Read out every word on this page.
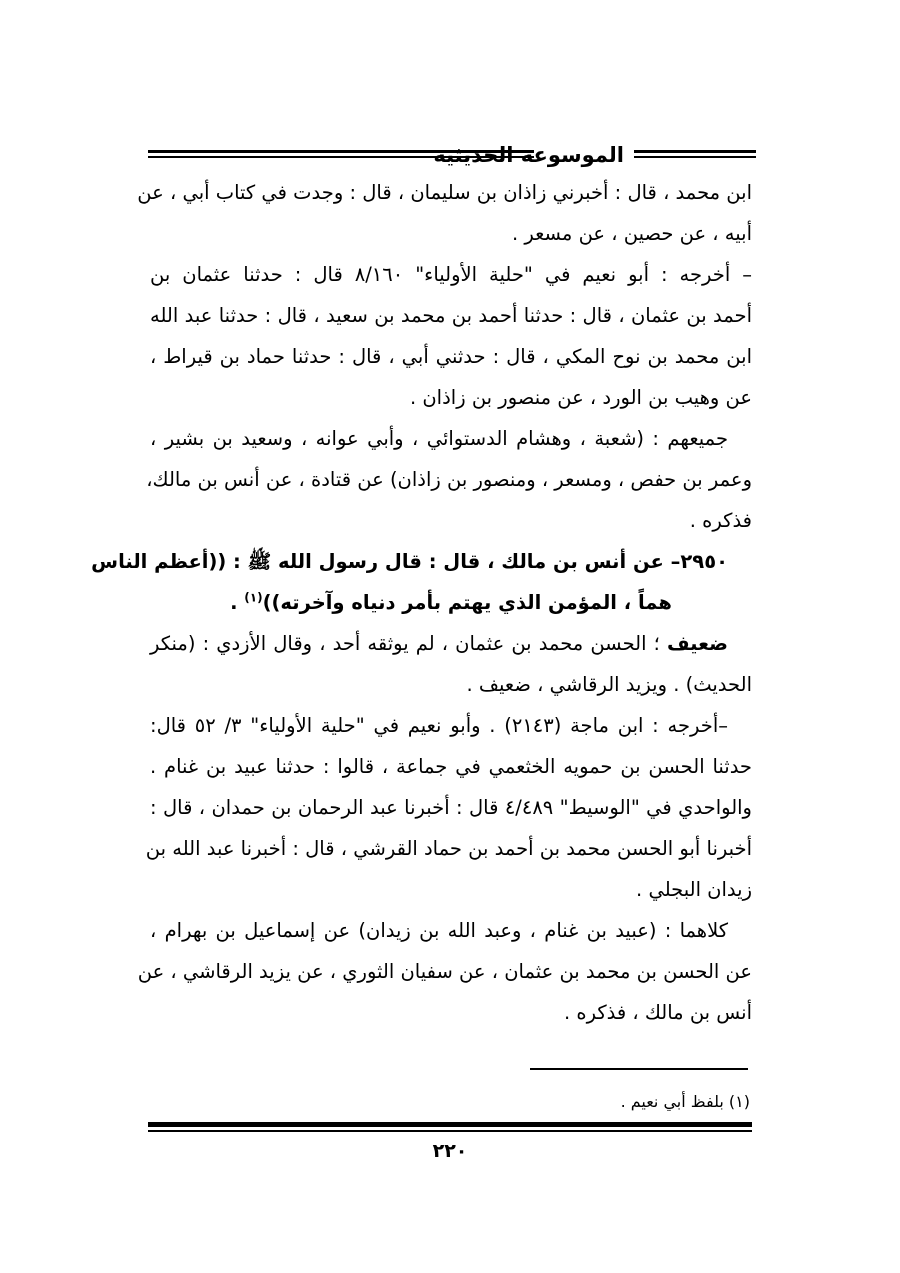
الموسوعة الحديثية
ابن محمد ، قال : أخبرني زاذان بن سليمان ، قال : وجدت في كتاب أبي ، عن
أبيه ، عن حصين ، عن مسعر .
– أخرجه : أبو نعيم في "حلية الأولياء" ٨/١٦٠ قال : حدثنا عثمان بن
أحمد بن عثمان ، قال : حدثنا أحمد بن محمد بن سعيد ، قال : حدثنا عبد الله
ابن محمد بن نوح المكي ، قال : حدثني أبي ، قال : حدثنا حماد بن قيراط ،
عن وهيب بن الورد ، عن منصور بن زاذان .
جميعهم : (شعبة ، وهشام الدستوائي ، وأبي عوانه ، وسعيد بن بشير ،
وعمر بن حفص ، ومسعر ، ومنصور بن زاذان) عن قتادة ، عن أنس بن مالك،
فذكره .
٢٩٥٠– عن أنس بن مالك ، قال : قال رسول الله ﷺ : ((أعظم الناس
هماً ، المؤمن الذي يهتم بأمر دنياه وآخرته))$^{(١)}$ .
ضعيف ؛ الحسن محمد بن عثمان ، لم يوثقه أحد ، وقال الأزدي : (منكر
الحديث) . ويزيد الرقاشي ، ضعيف .
–أخرجه : ابن ماجة (٢١٤٣) . وأبو نعيم في "حلية الأولياء" ٣/ ٥٢ قال:
حدثنا الحسن بن حمويه الخثعمي في جماعة ، قالوا : حدثنا عبيد بن غنام .
والواحدي في "الوسيط" ٤/٤٨٩ قال : أخبرنا عبد الرحمان بن حمدان ، قال :
أخبرنا أبو الحسن محمد بن أحمد بن حماد القرشي ، قال : أخبرنا عبد الله بن
زيدان البجلي .
كلاهما : (عبيد بن غنام ، وعبد الله بن زيدان) عن إسماعيل بن بهرام ،
عن الحسن بن محمد بن عثمان ، عن سفيان الثوري ، عن يزيد الرقاشي ، عن
أنس بن مالك ، فذكره .
(١) بلفظ أبي نعيم .
٢٢٠
